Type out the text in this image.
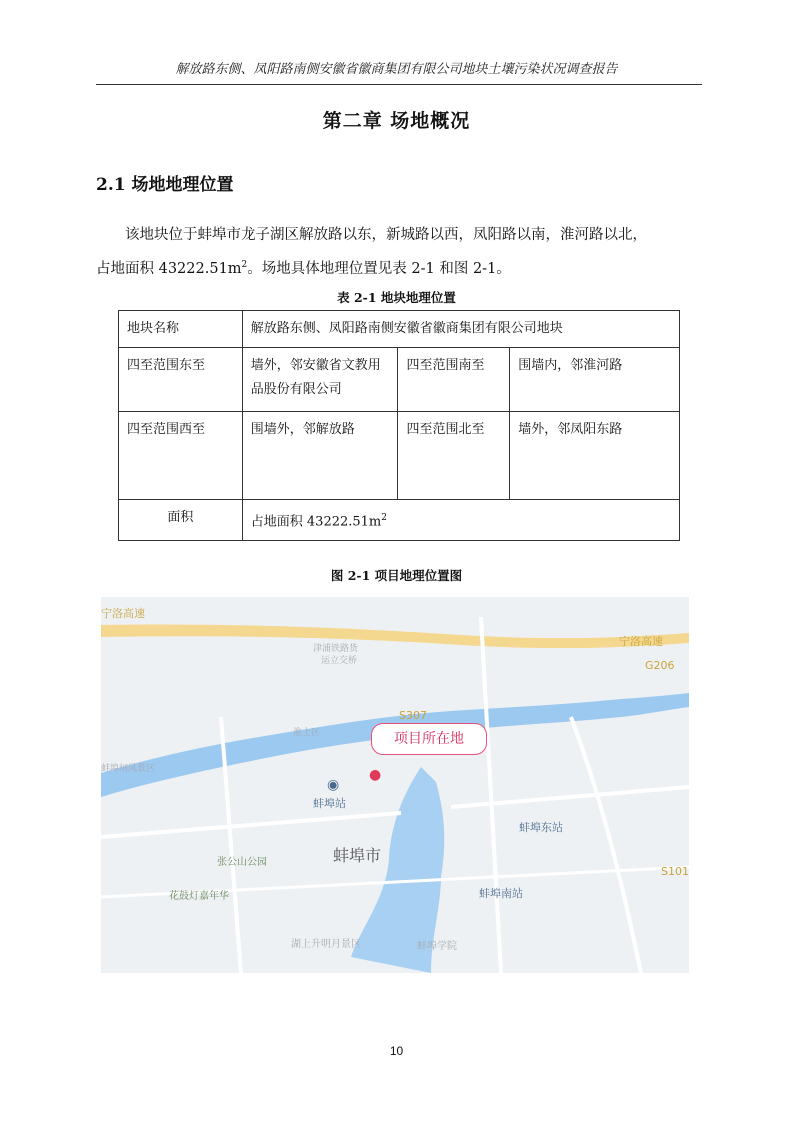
解放路东侧、凤阳路南侧安徽省徽商集团有限公司地块土壤污染状况调查报告
第二章 场地概况
2.1 场地地理位置
该地块位于蚌埠市龙子湖区解放路以东，新城路以西，凤阳路以南，淮河路以北，
占地面积 $43222.51m^2$。场地具体地理位置见表 2-1 和图 2-1。
表 2-1 地块地理位置
地块名称	解放路东侧、凤阳路南侧安徽省徽商集团有限公司地块		
四至范围东至	墙外，邻安徽省文教用品股份有限公司	四至范围南至	围墙内，邻淮河路
四至范围西至	围墙外，邻解放路	四至范围北至	墙外，邻凤阳东路
面积	占地面积 $43222.51m^2$
图 2-1 项目地理位置图
宁洛高速
宁洛高速
津浦铁路货
运立交桥
淮上区
蚌埠闸风景区
S307
G206
S101
项目所在地
●
◉
蚌埠站
蚌埠市
蚌埠东站
蚌埠南站
张公山公园
花鼓灯嘉年华
湖上升明月景区	蚌埠学院
10
